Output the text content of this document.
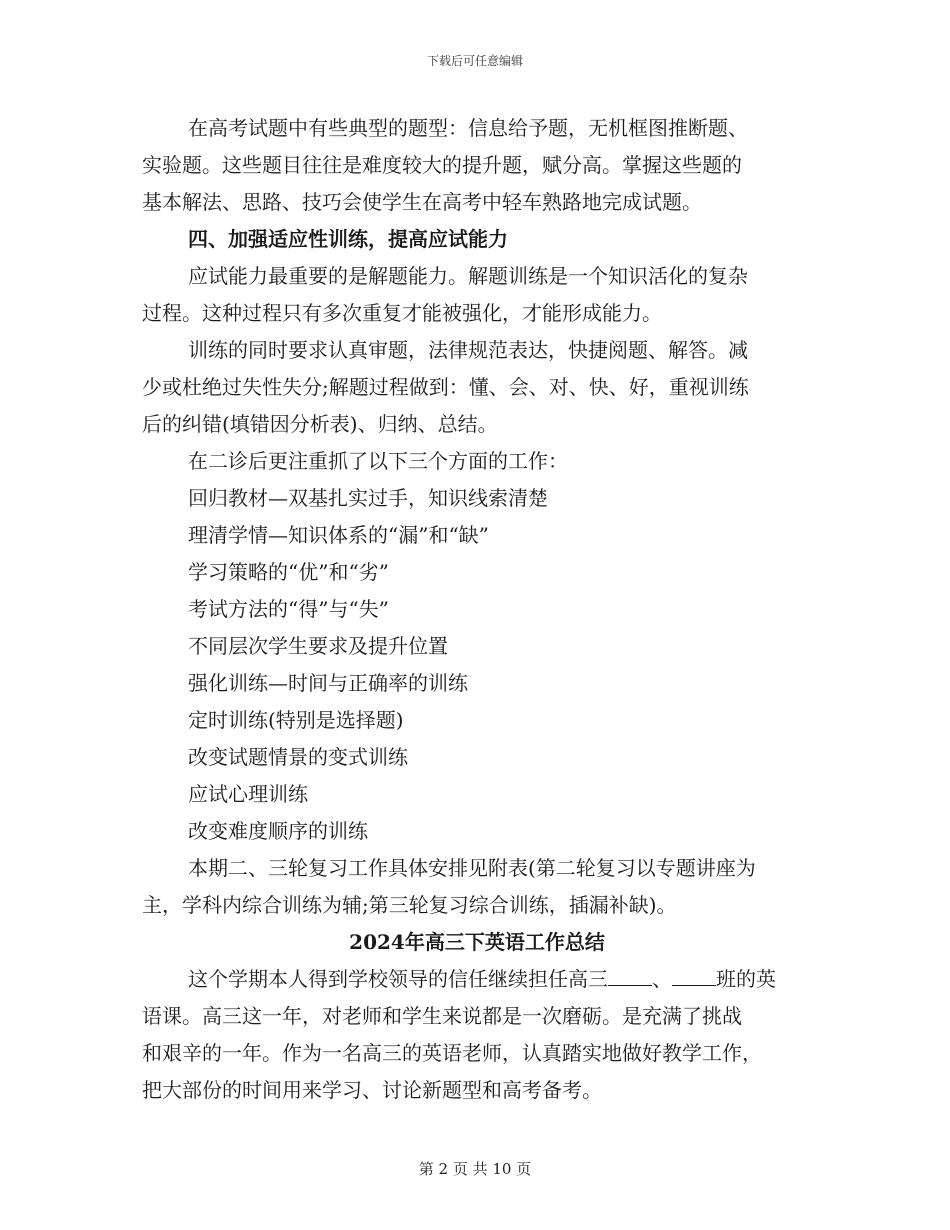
下载后可任意编辑
在高考试题中有些典型的题型：信息给予题，无机框图推断题、
实验题。这些题目往往是难度较大的提升题，赋分高。掌握这些题的
基本解法、思路、技巧会使学生在高考中轻车熟路地完成试题。
四、加强适应性训练，提高应试能力
应试能力最重要的是解题能力。解题训练是一个知识活化的复杂
过程。这种过程只有多次重复才能被强化，才能形成能力。
训练的同时要求认真审题，法律规范表达，快捷阅题、解答。减
少或杜绝过失性失分;解题过程做到：懂、会、对、快、好，重视训练
后的纠错(填错因分析表)、归纳、总结。
在二诊后更注重抓了以下三个方面的工作：
回归教材—双基扎实过手，知识线索清楚
理清学情—知识体系的“漏”和“缺”
学习策略的“优”和“劣”
考试方法的“得”与“失”
不同层次学生要求及提升位置
强化训练—时间与正确率的训练
定时训练(特别是选择题)
改变试题情景的变式训练
应试心理训练
改变难度顺序的训练
本期二、三轮复习工作具体安排见附表(第二轮复习以专题讲座为
主，学科内综合训练为辅;第三轮复习综合训练，插漏补缺)。
2024年高三下英语工作总结
这个学期本人得到学校领导的信任继续担任高三 、 班的英
语课。高三这一年，对老师和学生来说都是一次磨砺。是充满了挑战
和艰辛的一年。作为一名高三的英语老师，认真踏实地做好教学工作，
把大部份的时间用来学习、讨论新题型和高考备考。
第 2 页 共 10 页
